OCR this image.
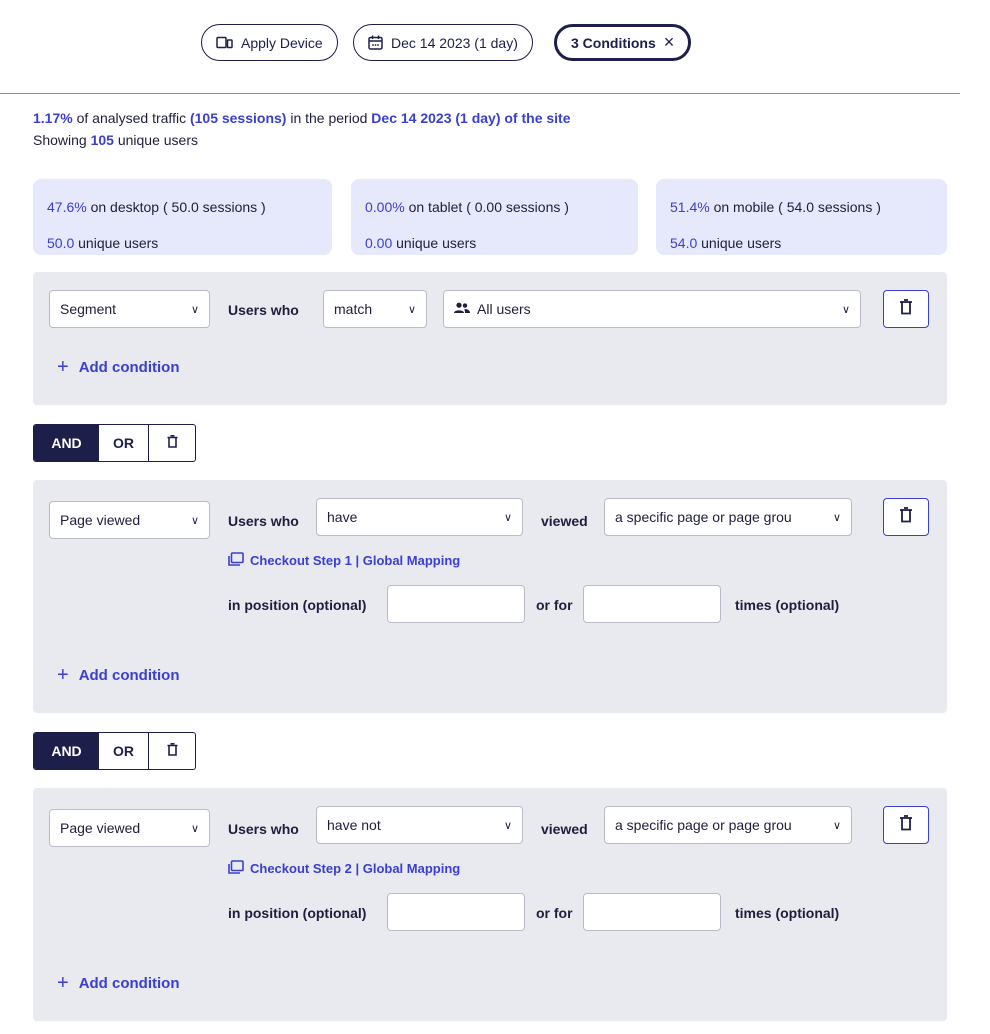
Apply Device	Dec 14 2023 (1 day)	3 Conditions ×
1.17% of analysed traffic (105 sessions) in the period Dec 14 2023 (1 day) of the site
Showing 105 unique users
47.6% on desktop ( 50.0 sessions )
50.0 unique users
0.00% on tablet ( 0.00 sessions )
0.00 unique users
51.4% on mobile ( 54.0 sessions )
54.0 unique users
Segment	∨ Users who	match	∨	All users	∨
+ Add condition
AND	OR
Page viewed	∨ Users who have	∨ viewed a specific page or page grou	∨
Checkout Step 1 | Global Mapping
in position (optional)	or for	times (optional)
+ Add condition
AND	OR
Page viewed	∨ Users who have not	∨ viewed a specific page or page grou	∨
Checkout Step 2 | Global Mapping
in position (optional)	or for	times (optional)
+ Add condition
